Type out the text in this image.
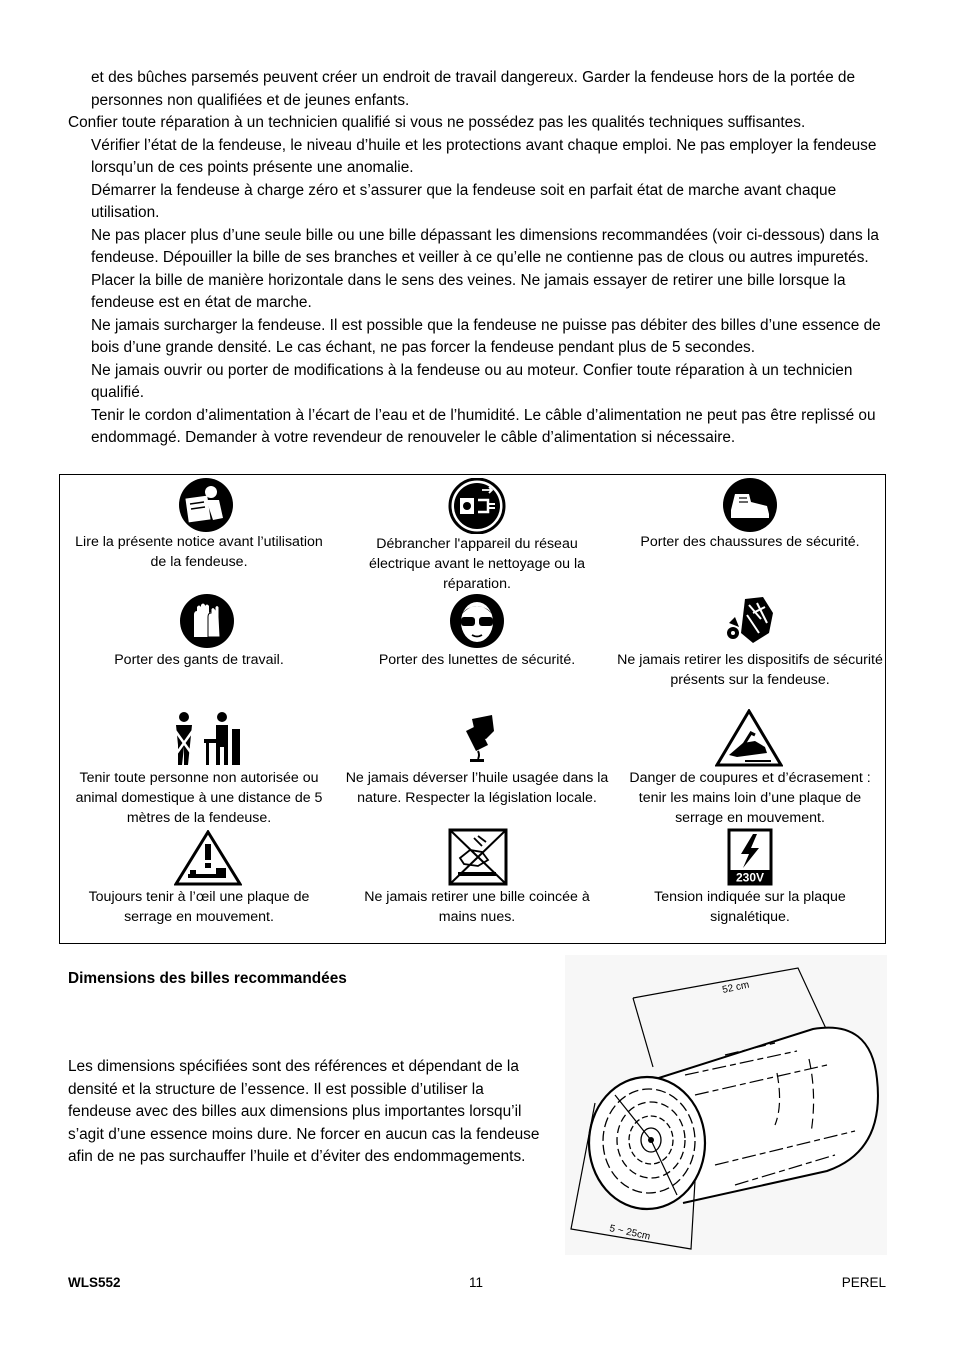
et des bûches parsemés peuvent créer un endroit de travail dangereux. Garder la fendeuse hors de la portée de personnes non qualifiées et de jeunes enfants.

Confier toute réparation à un technicien qualifié si vous ne possédez pas les qualités techniques suffisantes.

Vérifier l’état de la fendeuse, le niveau d’huile et les protections avant chaque emploi. Ne pas employer la fendeuse lorsqu’un de ces points présente une anomalie.

Démarrer la fendeuse à charge zéro et s’assurer que la fendeuse soit en parfait état de marche avant chaque utilisation.

Ne pas placer plus d’une seule bille ou une bille dépassant les dimensions recommandées (voir ci-dessous) dans la fendeuse. Dépouiller la bille de ses branches et veiller à ce qu’elle ne contienne pas de clous ou autres impuretés. Placer la bille de manière horizontale dans le sens des veines. Ne jamais essayer de retirer une bille lorsque la fendeuse est en état de marche.

Ne jamais surcharger la fendeuse. Il est possible que la fendeuse ne puisse pas débiter des billes d’une essence de bois d’une grande densité. Le cas échant, ne pas forcer la fendeuse pendant plus de 5 secondes.

Ne jamais ouvrir ou porter de modifications à la fendeuse ou au moteur. Confier toute réparation à un technicien qualifié.

Tenir le cordon d’alimentation à l’écart de l’eau et de l’humidité. Le câble d’alimentation ne peut pas être replissé ou endommagé. Demander à votre revendeur de renouveler le câble d’alimentation si nécessaire.

Lire la présente notice avant l’utilisation de la fendeuse.
Débrancher l'appareil du réseau électrique avant le nettoyage ou la réparation.
Porter des chaussures de sécurité.
Porter des gants de travail.	Porter des lunettes de sécurité.	Ne jamais retirer les dispositifs de sécurité présents sur la fendeuse.
Tenir toute personne non autorisée ou animal domestique à une distance de 5 mètres de la fendeuse.
Ne jamais déverser l’huile usagée dans la nature. Respecter la législation locale.
Danger de coupures et d’écrasement : tenir les mains loin d’une plaque de serrage en mouvement.
Toujours tenir à l’œil une plaque de serrage en mouvement.
Ne jamais retirer une bille coincée à mains nues.
230V
Tension indiquée sur la plaque signalétique.
Dimensions des billes recommandées

Les dimensions spécifiées sont des références et dépendant de la densité et la structure de l’essence. Il est possible d’utiliser la fendeuse avec des billes aux dimensions plus importantes lorsqu’il s’agit d’une essence moins dure. Ne forcer en aucun cas la fendeuse afin de ne pas surchauffer l’huile et d’éviter des endommagements.

52 cm
5 ~ 25cm
WLS552	11	PEREL
